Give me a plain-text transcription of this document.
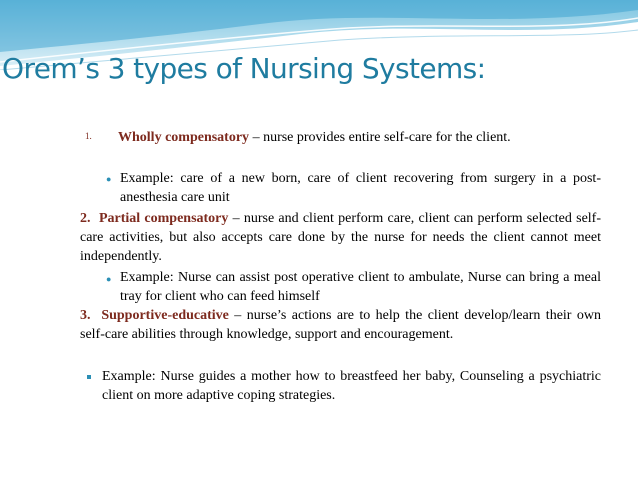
Orem’s 3 types of Nursing Systems:
1. Wholly compensatory – nurse provides entire self-care for the client.
● Example: care of a new born, care of client recovering from surgery in a post-anesthesia care unit
2. Partial compensatory – nurse and client perform care, client can perform selected self-care activities, but also accepts care done by the nurse for needs the client cannot meet independently.
● Example: Nurse can assist post operative client to ambulate, Nurse can bring a meal tray for client who can feed himself
3. Supportive-educative – nurse’s actions are to help the client develop/learn their own self-care abilities through knowledge, support and encouragement.
Example: Nurse guides a mother how to breastfeed her baby, Counseling a psychiatric client on more adaptive coping strategies.
